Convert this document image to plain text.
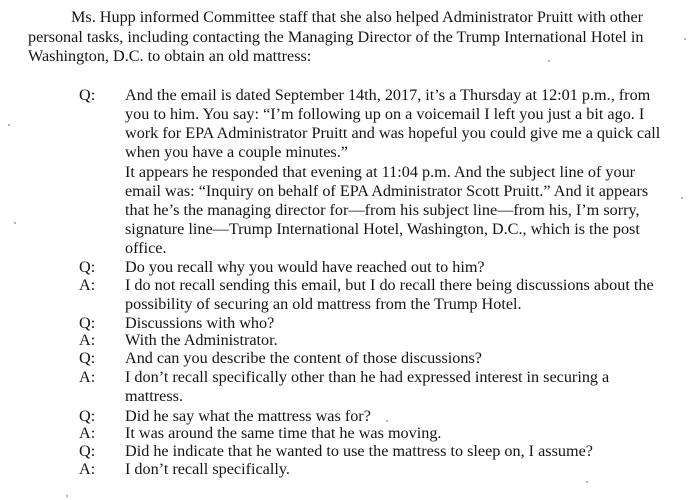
Ms. Hupp informed Committee staff that she also helped Administrator Pruitt with other personal tasks, including contacting the Managing Director of the Trump International Hotel in Washington, D.C. to obtain an old mattress:

Q: And the email is dated September 14th, 2017, it’s a Thursday at 12:01 p.m., from you to him. You say: “I’m following up on a voicemail I left you just a bit ago. I work for EPA Administrator Pruitt and was hopeful you could give me a quick call when you have a couple minutes.”

It appears he responded that evening at 11:04 p.m. And the subject line of your email was: “Inquiry on behalf of EPA Administrator Scott Pruitt.” And it appears that he’s the managing director for—from his subject line—from his, I’m sorry, signature line—Trump International Hotel, Washington, D.C., which is the post office.

Q: Do you recall why you would have reached out to him?

A: I do not recall sending this email, but I do recall there being discussions about the possibility of securing an old mattress from the Trump Hotel.

Q: Discussions with who?

A: With the Administrator.

Q: And can you describe the content of those discussions?

A: I don’t recall specifically other than he had expressed interest in securing a mattress.

Q: Did he say what the mattress was for?

A: It was around the same time that he was moving.

Q: Did he indicate that he wanted to use the mattress to sleep on, I assume?

A: I don’t recall specifically.
